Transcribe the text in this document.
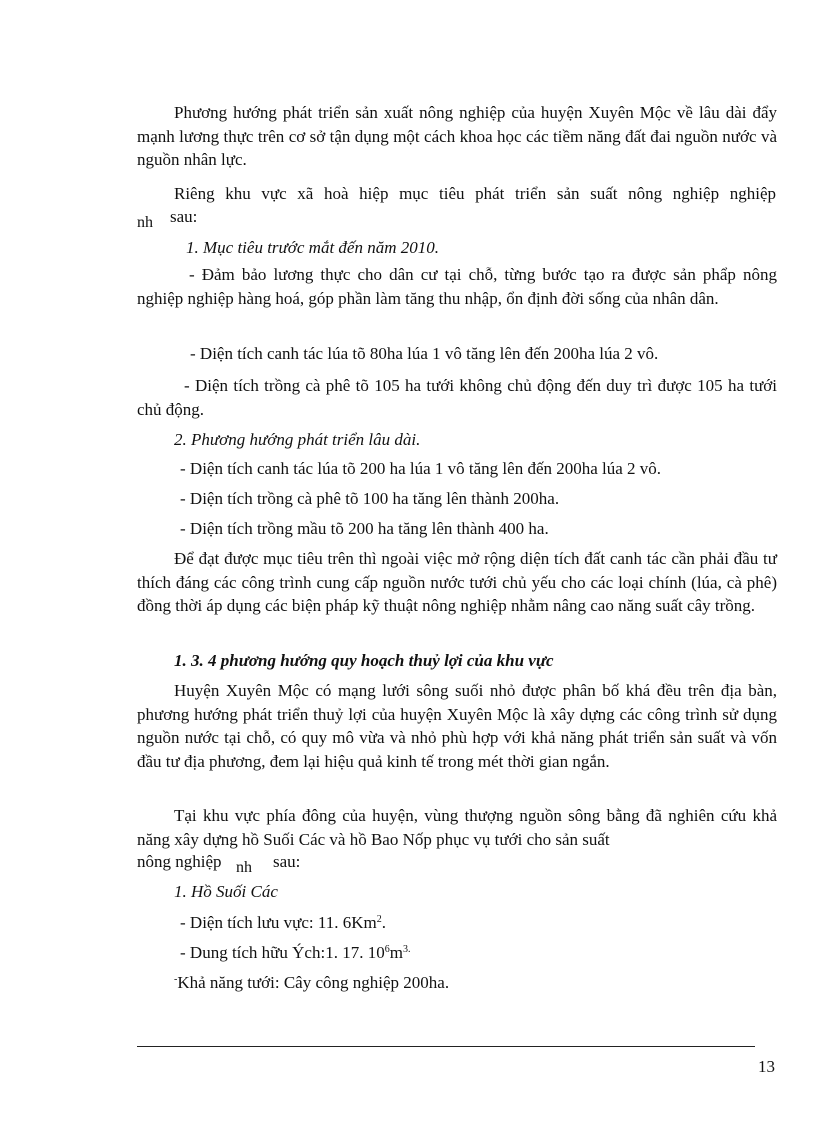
Phương hướng phát triển sản xuất nông nghiệp của huyện Xuyên Mộc về lâu dài đẩy mạnh lương thực trên cơ sở tận dụng một cách khoa học các tiềm năng đất đai nguồn nước và nguồn nhân lực.

Riêng khu vực xã hoà hiệp mục tiêu phát triển sản suất nông nghiệp nghiệp

nh sau:

1. Mục tiêu trước mắt đến năm 2010.

- Đảm bảo lương thực cho dân cư tại chỗ, từng bước tạo ra được sản phẩp nông nghiệp nghiệp hàng hoá, góp phần làm tăng thu nhập, ổn định đời sống của nhân dân.

- Diện tích canh tác lúa tõ 80ha lúa 1 vô tăng lên đến 200ha lúa 2 vô.

- Diện tích trồng cà phê tõ 105 ha tưới không chủ động đến duy trì được 105 ha tưới chủ động.

2. Phương hướng phát triển lâu dài.

- Diện tích canh tác lúa tõ 200 ha lúa 1 vô tăng lên đến 200ha lúa 2 vô.

- Diện tích trồng cà phê tõ 100 ha tăng lên thành 200ha.

- Diện tích trồng mầu tõ 200 ha tăng lên thành 400 ha.

Để đạt được mục tiêu trên thì ngoài việc mở rộng diện tích đất canh tác cần phải đầu tư thích đáng các công trình cung cấp nguồn nước tưới chủ yếu cho các loại chính (lúa, cà phê) đồng thời áp dụng các biện pháp kỹ thuật nông nghiệp nhằm nâng cao năng suất cây trồng.

1. 3. 4 phương hướng quy hoạch thuỷ lợi của khu vực

Huyện Xuyên Mộc có mạng lưới sông suối nhỏ được phân bố khá đều trên địa bàn, phương hướng phát triển thuỷ lợi của huyện Xuyên Mộc là xây dựng các công trình sử dụng nguồn nước tại chỗ, có quy mô vừa và nhỏ phù hợp với khả năng phát triển sản suất và vốn đầu tư địa phương, đem lại hiệu quả kinh tế trong mét thời gian ngắn.

Tại khu vực phía đông của huyện, vùng thượng nguồn sông bằng đã nghiên cứu khả năng xây dựng hồ Suối Các và hồ Bao Nốp phục vụ tưới cho sản suất

nông nghiệp nh sau:

1. Hồ Suối Các

- Diện tích lưu vực: 11. 6Km$^2$.

- Dung tích hữu Ých:1. 17. $10^6m^{3.}$

-Khả năng tưới: Cây công nghiệp 200ha.

13
